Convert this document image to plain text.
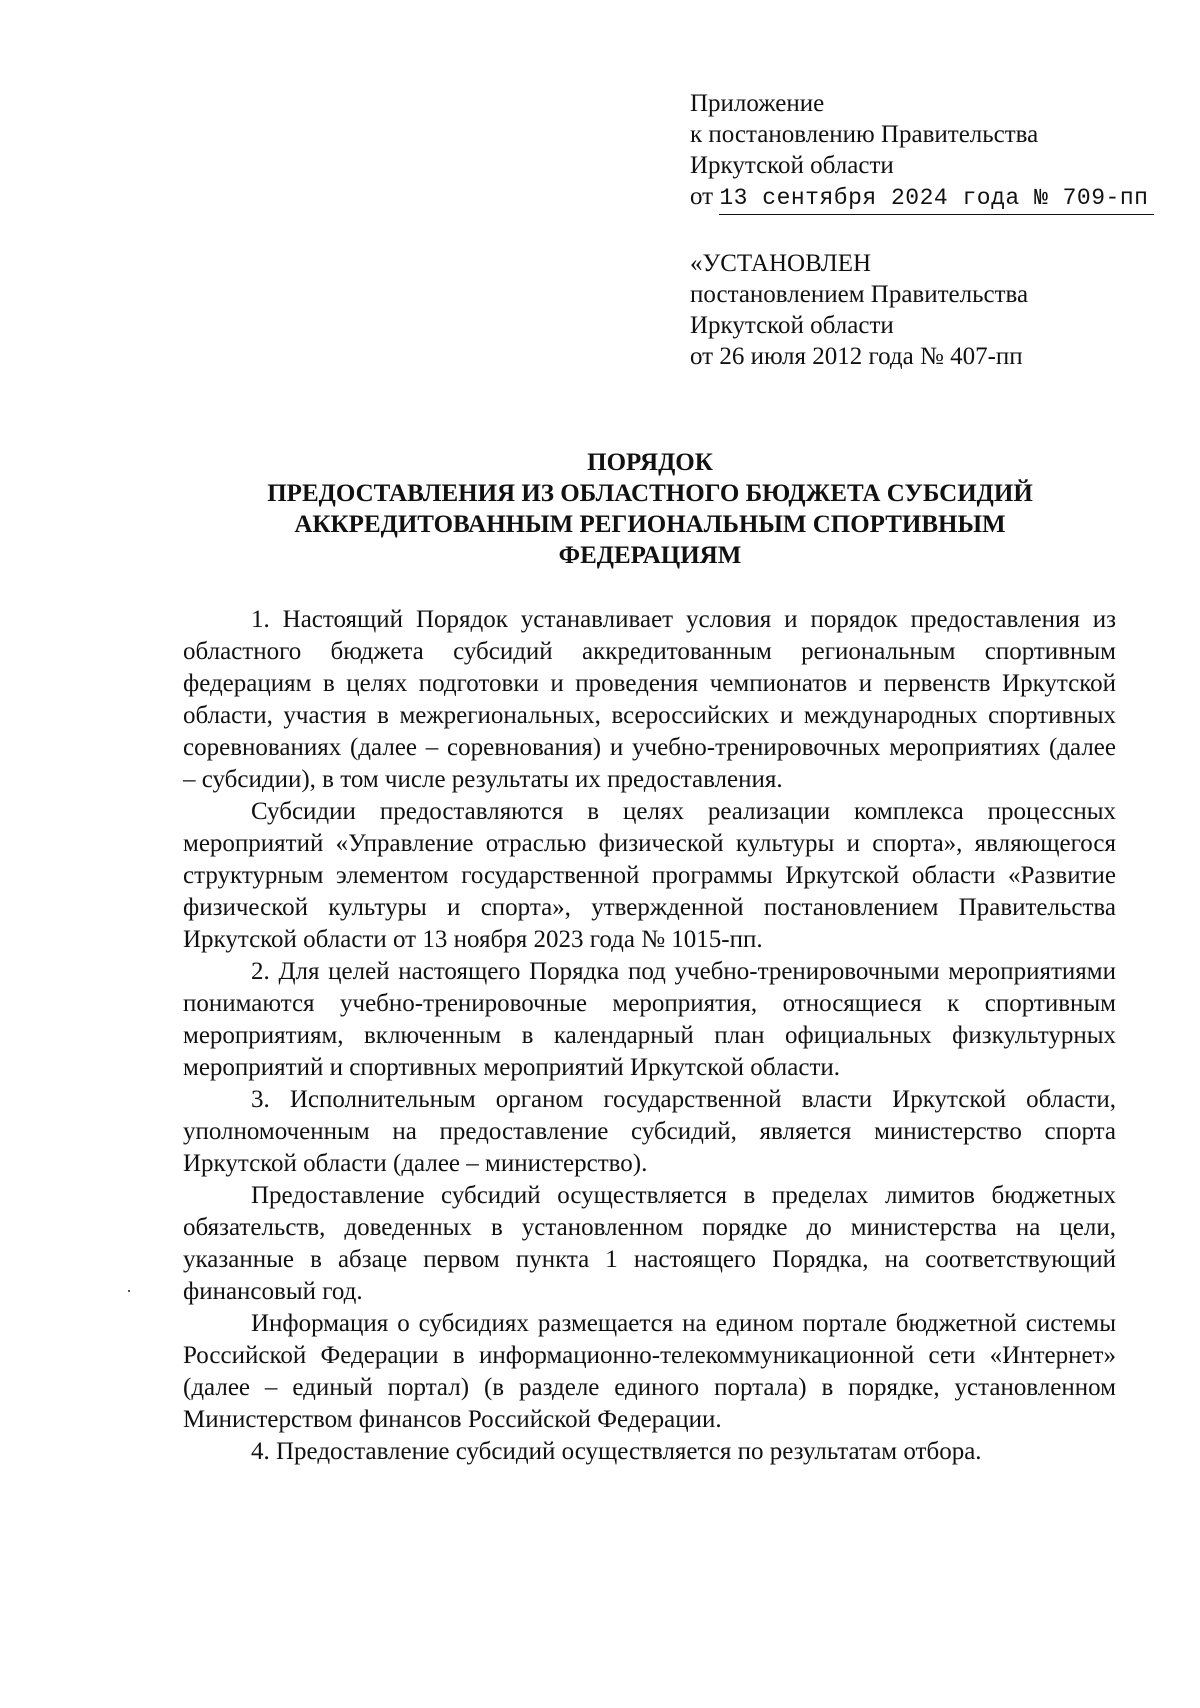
Приложение
к постановлению Правительства
Иркутской области
от 13 сентября 2024 года № 709-пп
«УСТАНОВЛЕН
постановлением Правительства
Иркутской области
от 26 июля 2012 года № 407-пп
ПОРЯДОК
ПРЕДОСТАВЛЕНИЯ ИЗ ОБЛАСТНОГО БЮДЖЕТА СУБСИДИЙ
АККРЕДИТОВАННЫМ РЕГИОНАЛЬНЫМ СПОРТИВНЫМ
ФЕДЕРАЦИЯМ

1. Настоящий Порядок устанавливает условия и порядок предоставления из областного бюджета субсидий аккредитованным региональным спортивным федерациям в целях подготовки и проведения чемпионатов и первенств Иркутской области, участия в межрегиональных, всероссийских и международных спортивных соревнованиях (далее – соревнования) и учебно-тренировочных мероприятиях (далее – субсидии), в том числе результаты их предоставления.

Субсидии предоставляются в целях реализации комплекса процессных мероприятий «Управление отраслью физической культуры и спорта», являющегося структурным элементом государственной программы Иркутской области «Развитие физической культуры и спорта», утвержденной постановлением Правительства Иркутской области от 13 ноября 2023 года № 1015-пп.

2. Для целей настоящего Порядка под учебно-тренировочными мероприятиями понимаются учебно-тренировочные мероприятия, относящиеся к спортивным мероприятиям, включенным в календарный план официальных физкультурных мероприятий и спортивных мероприятий Иркутской области.

3. Исполнительным органом государственной власти Иркутской области, уполномоченным на предоставление субсидий, является министерство спорта Иркутской области (далее – министерство).

Предоставление субсидий осуществляется в пределах лимитов бюджетных обязательств, доведенных в установленном порядке до министерства на цели, указанные в абзаце первом пункта 1 настоящего Порядка, на соответствующий финансовый год.

Информация о субсидиях размещается на едином портале бюджетной системы Российской Федерации в информационно-телекоммуникационной сети «Интернет» (далее – единый портал) (в разделе единого портала) в порядке, установленном Министерством финансов Российской Федерации.

4. Предоставление субсидий осуществляется по результатам отбора.
